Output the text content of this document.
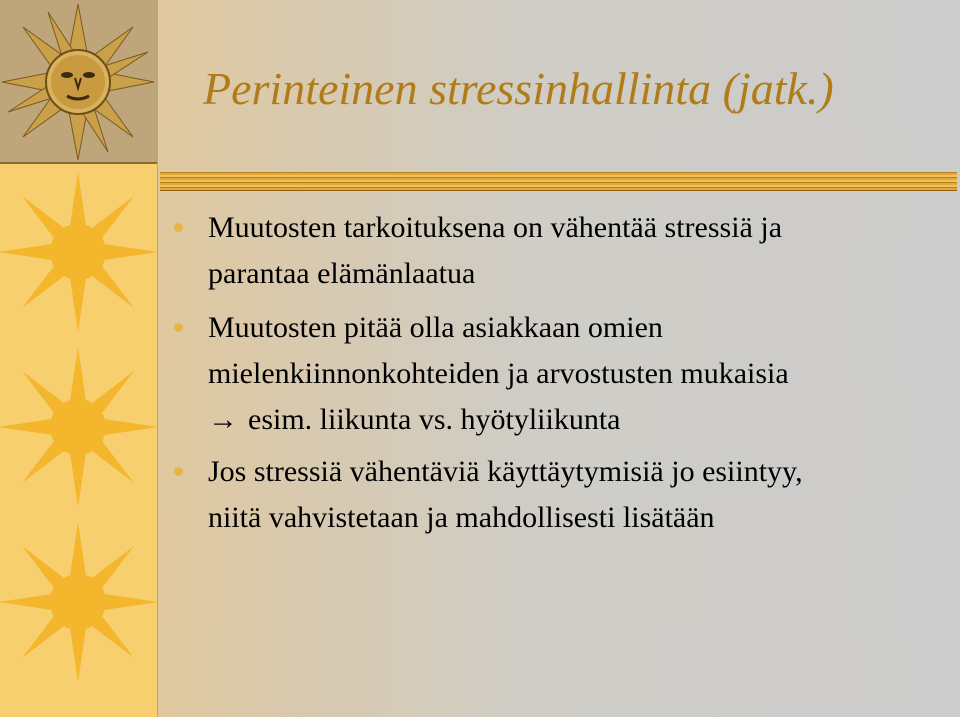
Perinteinen stressinhallinta (jatk.)
Muutosten tarkoituksena on vähentää stressiä ja
parantaa elämänlaatua
Muutosten pitää olla asiakkaan omien
mielenkiinnonkohteiden ja arvostusten mukaisia
→ esim. liikunta vs. hyötyliikunta
Jos stressiä vähentäviä käyttäytymisiä jo esiintyy,
niitä vahvistetaan ja mahdollisesti lisätään
